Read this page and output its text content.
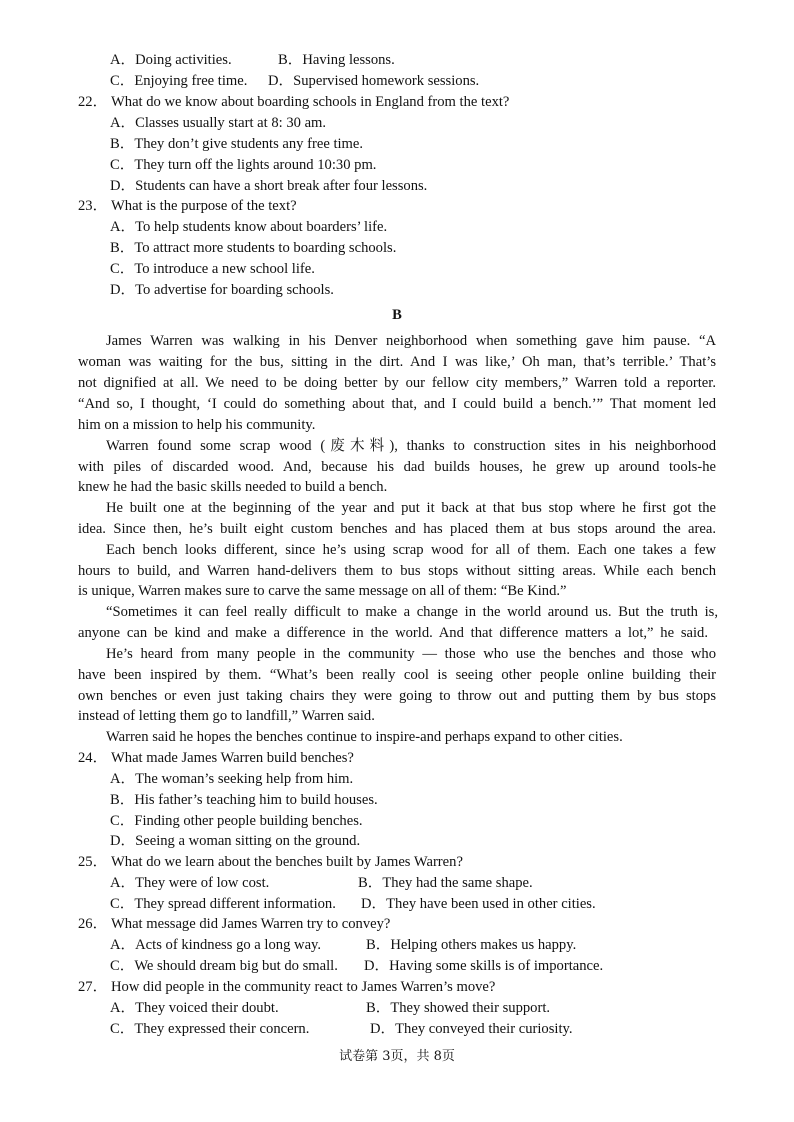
A．Doing activities.	B．Having lessons.
C．Enjoying free time. D．Supervised homework sessions.
22． What do we know about boarding schools in England from the text?
A．Classes usually start at 8: 30 am.
B．They don’t give students any free time.
C．They turn off the lights around 10:30 pm.
D．Students can have a short break after four lessons.
23． What is the purpose of the text?
A．To help students know about boarders’ life.
B．To attract more students to boarding schools.
C．To introduce a new school life.
D．To advertise for boarding schools.
B
James Warren was walking in his Denver neighborhood when something gave him pause. “A
woman was waiting for the bus, sitting in the dirt. And I was like,’ Oh man, that’s terrible.’ That’s
not dignified at all. We need to be doing better by our fellow city members,” Warren told a reporter.
“And so, I thought, ‘I could do something about that, and I could build a bench.’” That moment led
him on a mission to help his community.
Warren found some scrap wood (废木料), thanks to construction sites in his neighborhood
with piles of discarded wood. And, because his dad builds houses, he grew up around tools-he
knew he had the basic skills needed to build a bench.
He built one at the beginning of the year and put it back at that bus stop where he first got the
idea. Since then, he’s built eight custom benches and has placed them at bus stops around the area.
Each bench looks different, since he’s using scrap wood for all of them. Each one takes a few
hours to build, and Warren hand-delivers them to bus stops without sitting areas. While each bench
is unique, Warren makes sure to carve the same message on all of them: “Be Kind.”
“Sometimes it can feel really difficult to make a change in the world around us. But the truth is,
anyone can be kind and make a difference in the world. And that difference matters a lot,” he said.
He’s heard from many people in the community — those who use the benches and those who
have been inspired by them. “What’s been really cool is seeing other people online building their
own benches or even just taking chairs they were going to throw out and putting them by bus stops
instead of letting them go to landfill,” Warren said.
Warren said he hopes the benches continue to inspire-and perhaps expand to other cities.
24． What made James Warren build benches?
A．The woman’s seeking help from him.
B．His father’s teaching him to build houses.
C．Finding other people building benches.
D．Seeing a woman sitting on the ground.
25． What do we learn about the benches built by James Warren?
A．They were of low cost.	B．They had the same shape.
C．They spread different information. D．They have been used in other cities.
26． What message did James Warren try to convey?
A．Acts of kindness go a long way.	B．Helping others makes us happy.
C．We should dream big but do small. D．Having some skills is of importance.
27． How did people in the community react to James Warren’s move?
A．They voiced their doubt.	B．They showed their support.
C．They expressed their concern.	D．They conveyed their curiosity.
试卷第 3页，共 8页
